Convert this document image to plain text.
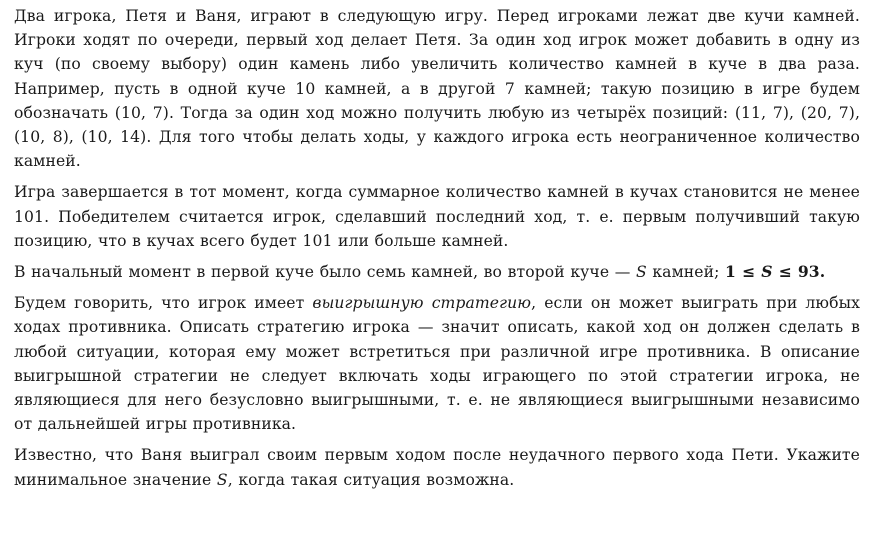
Два игрока, Петя и Ваня, играют в следующую игру. Перед игроками лежат две кучи камней. Игроки ходят по очереди, первый ход делает Петя. За один ход игрок может добавить в одну из куч (по своему выбору) один камень либо увеличить количество камней в куче в два раза. Например, пусть в одной куче 10 камней, а в другой 7 камней; такую позицию в игре будем обозначать (10, 7). Тогда за один ход можно получить любую из четырёх позиций: (11, 7), (20, 7), (10, 8), (10, 14). Для того чтобы делать ходы, у каждого игрока есть неограниченное количество камней.

Игра завершается в тот момент, когда суммарное количество камней в кучах становится не менее 101. Победителем считается игрок, сделавший последний ход, т. е. первым получивший такую позицию, что в кучах всего будет 101 или больше камней.

В начальный момент в первой куче было семь камней, во второй куче — S камней; 1 ≤ S ≤ 93.

Будем говорить, что игрок имеет выигрышную стратегию, если он может выиграть при любых ходах противника. Описать стратегию игрока — значит описать, какой ход он должен сделать в любой ситуации, которая ему может встретиться при различной игре противника. В описание выигрышной стратегии не следует включать ходы играющего по этой стратегии игрока, не являющиеся для него безусловно выигрышными, т. е. не являющиеся выигрышными независимо от дальнейшей игры противника.

Известно, что Ваня выиграл своим первым ходом после неудачного первого хода Пети. Укажите минимальное значение S, когда такая ситуация возможна.
